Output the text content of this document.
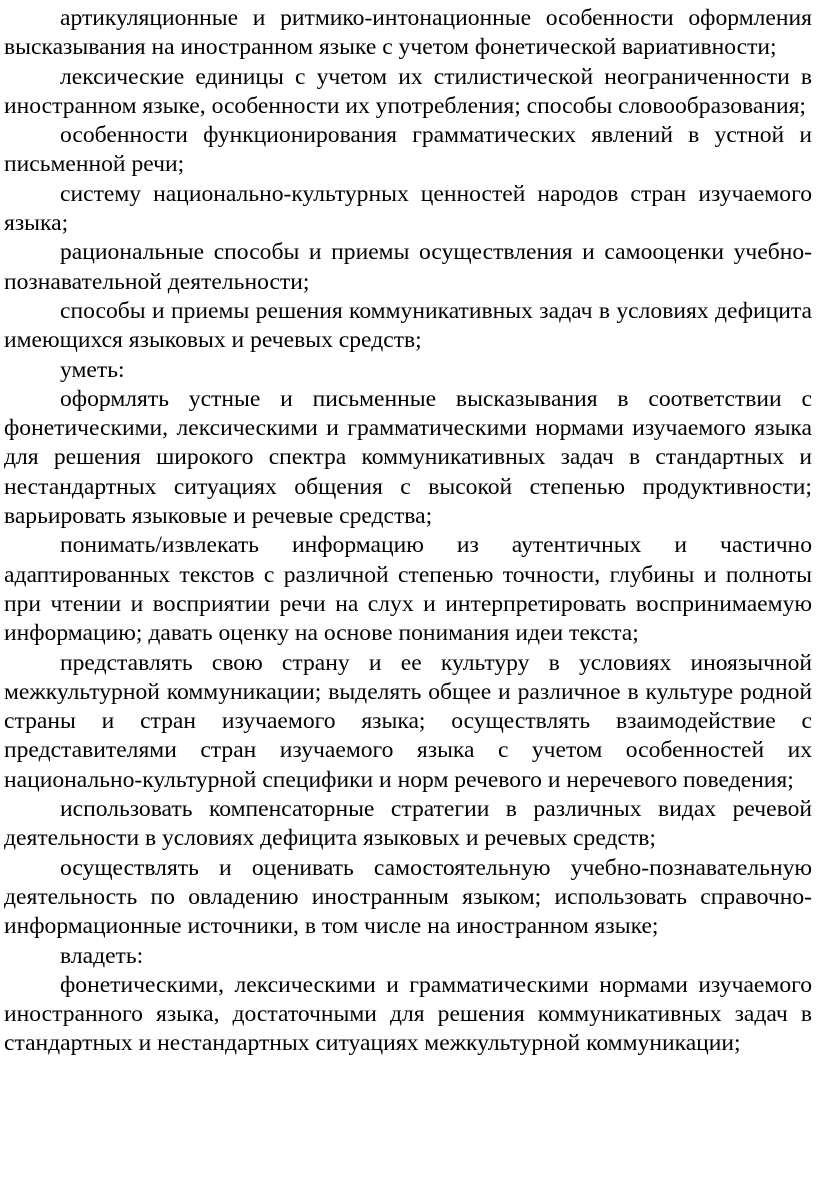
артикуляционные и ритмико-интонационные особенности оформления высказывания на иностранном языке с учетом фонетической вариативности;

лексические единицы с учетом их стилистической неограниченности в иностранном языке, особенности их употребления; способы словообразования;

особенности функционирования грамматических явлений в устной и письменной речи;

систему национально-культурных ценностей народов стран изучаемого языка;

рациональные способы и приемы осуществления и самооценки учебно-познавательной деятельности;

способы и приемы решения коммуникативных задач в условиях дефицита имеющихся языковых и речевых средств;

уметь:

оформлять устные и письменные высказывания в соответствии с фонетическими, лексическими и грамматическими нормами изучаемого языка для решения широкого спектра коммуникативных задач в стандартных и нестандартных ситуациях общения с высокой степенью продуктивности; варьировать языковые и речевые средства;

понимать/извлекать информацию из аутентичных и частично адаптированных текстов с различной степенью точности, глубины и полноты при чтении и восприятии речи на слух и интерпретировать воспринимаемую информацию; давать оценку на основе понимания идеи текста;

представлять свою страну и ее культуру в условиях иноязычной межкультурной коммуникации; выделять общее и различное в культуре родной страны и стран изучаемого языка; осуществлять взаимодействие с представителями стран изучаемого языка с учетом особенностей их национально-культурной специфики и норм речевого и неречевого поведения;

использовать компенсаторные стратегии в различных видах речевой деятельности в условиях дефицита языковых и речевых средств;

осуществлять и оценивать самостоятельную учебно-познавательную деятельность по овладению иностранным языком; использовать справочно-информационные источники, в том числе на иностранном языке;

владеть:

фонетическими, лексическими и грамматическими нормами изучаемого иностранного языка, достаточными для решения коммуникативных задач в стандартных и нестандартных ситуациях межкультурной коммуникации;
